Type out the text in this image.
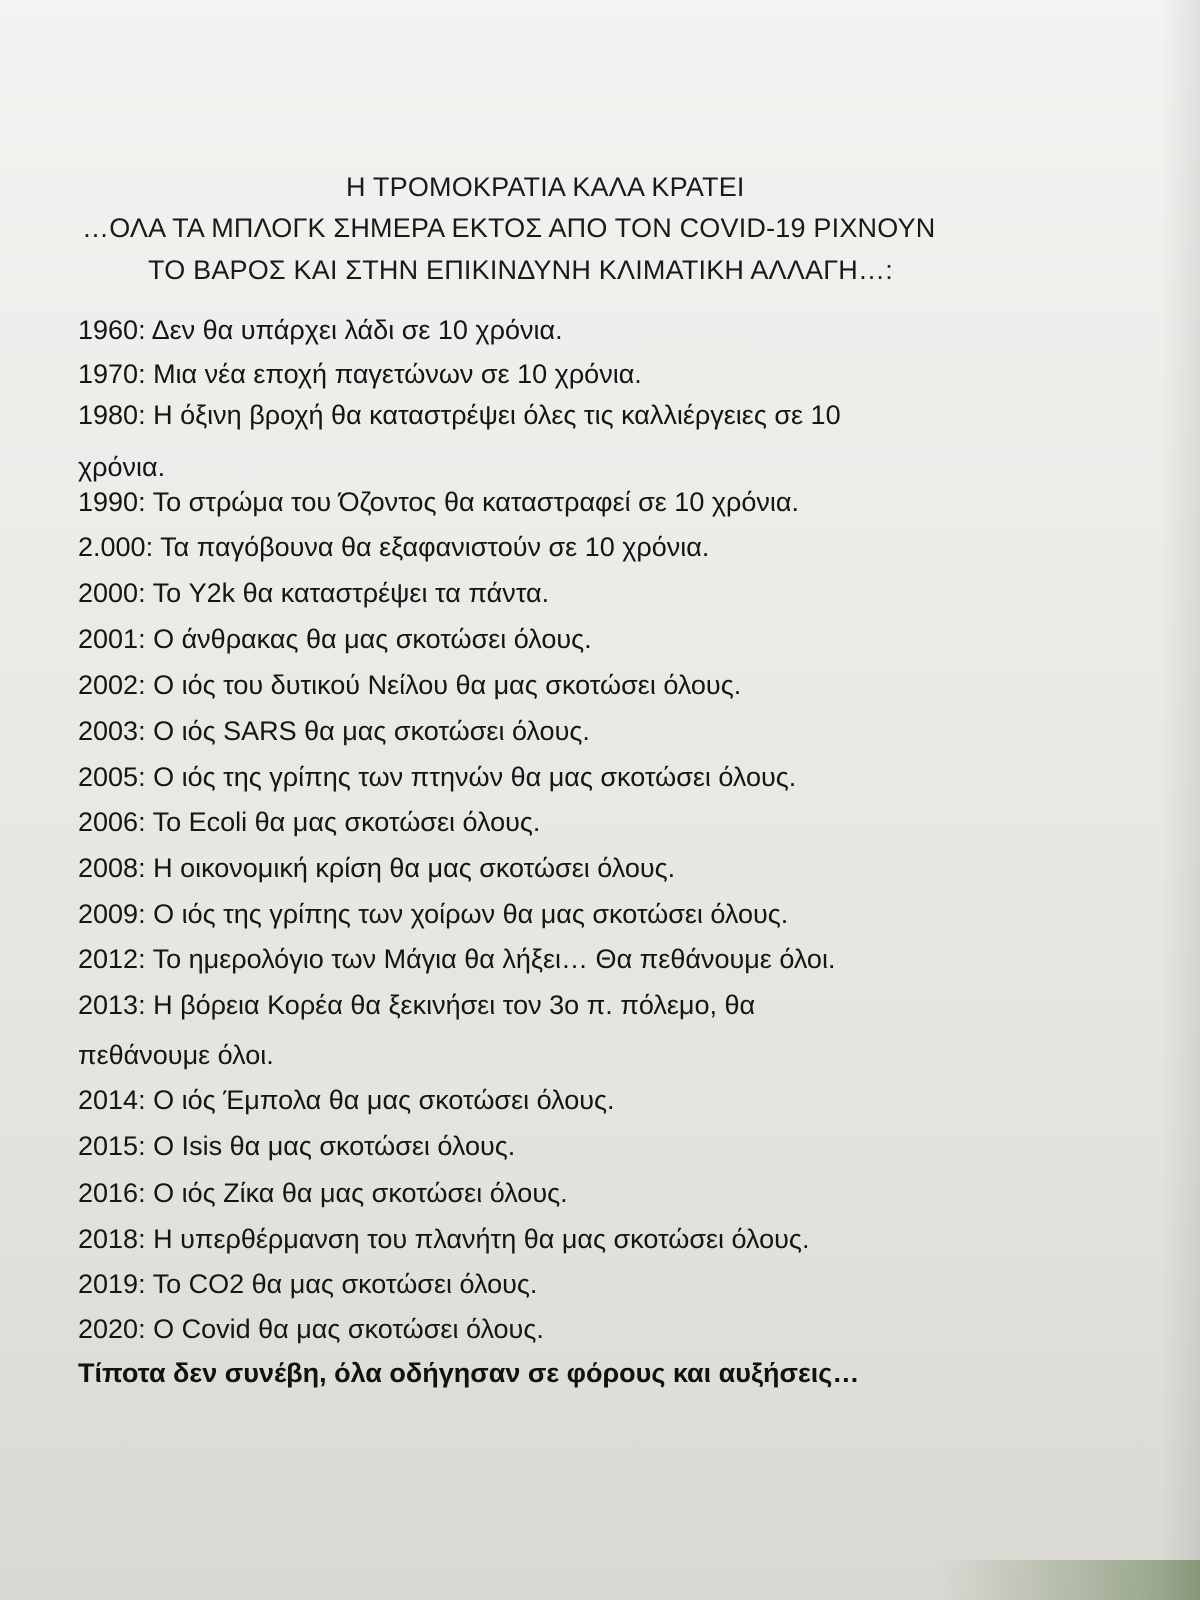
Η ΤΡΟΜΟΚΡΑΤΙΑ ΚΑΛΑ ΚΡΑΤΕΙ
…ΟΛΑ ΤΑ ΜΠΛΟΓΚ ΣΗΜΕΡΑ ΕΚΤΟΣ ΑΠΟ ΤΟΝ COVID-19 ΡΙΧΝΟΥΝ
ΤΟ ΒΑΡΟΣ ΚΑΙ ΣΤΗΝ ΕΠΙΚΙΝΔΥΝΗ ΚΛΙΜΑΤΙΚΗ ΑΛΛΑΓΗ…:
1960: Δεν θα υπάρχει λάδι σε 10 χρόνια.
1970: Μια νέα εποχή παγετώνων σε 10 χρόνια.
1980: Η όξινη βροχή θα καταστρέψει όλες τις καλλιέργειες σε 10
χρόνια.
1990: Το στρώμα του Όζοντος θα καταστραφεί σε 10 χρόνια.
2.000: Τα παγόβουνα θα εξαφανιστούν σε 10 χρόνια.
2000: Το Y2k θα καταστρέψει τα πάντα.
2001: Ο άνθρακας θα μας σκοτώσει όλους.
2002: Ο ιός του δυτικού Νείλου θα μας σκοτώσει όλους.
2003: Ο ιός SARS θα μας σκοτώσει όλους.
2005: Ο ιός της γρίπης των πτηνών θα μας σκοτώσει όλους.
2006: Το Ecoli θα μας σκοτώσει όλους.
2008: Η οικονομική κρίση θα μας σκοτώσει όλους.
2009: Ο ιός της γρίπης των χοίρων θα μας σκοτώσει όλους.
2012: Το ημερολόγιο των Μάγια θα λήξει… Θα πεθάνουμε όλοι.
2013: Η βόρεια Κορέα θα ξεκινήσει τον 3ο π. πόλεμο, θα
πεθάνουμε όλοι.
2014: Ο ιός Έμπολα θα μας σκοτώσει όλους.
2015: Ο Isis θα μας σκοτώσει όλους.
2016: Ο ιός Ζίκα θα μας σκοτώσει όλους.
2018: Η υπερθέρμανση του πλανήτη θα μας σκοτώσει όλους.
2019: Το CO2 θα μας σκοτώσει όλους.
2020: Ο Covid θα μας σκοτώσει όλους.
Τίποτα δεν συνέβη, όλα οδήγησαν σε φόρους και αυξήσεις…
